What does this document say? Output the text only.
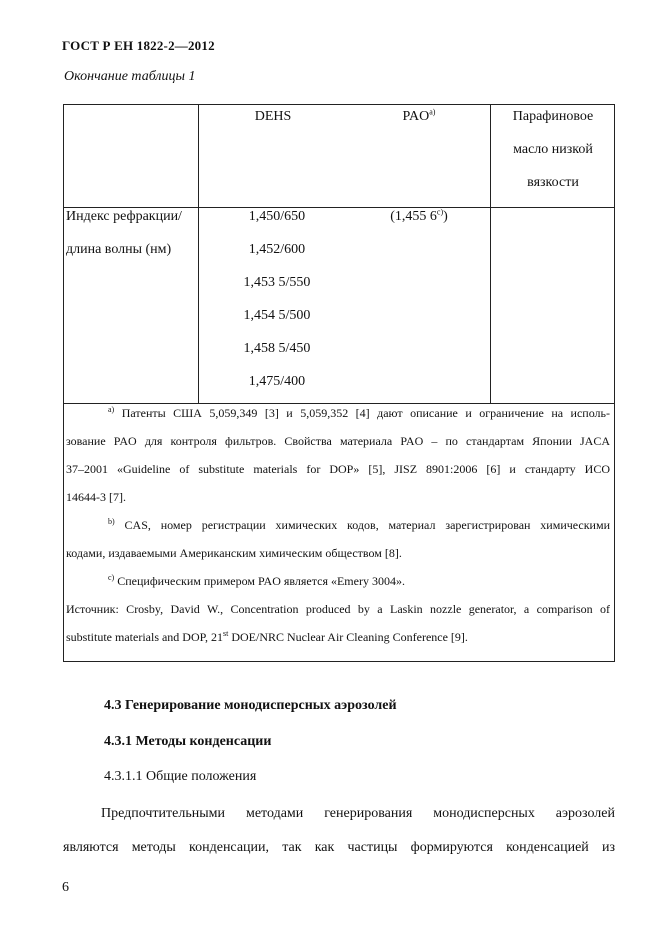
ГОСТ Р ЕН 1822-2—2012
Окончание таблицы 1
DEHS	PAO$^{a)}$	Парафиновое
масло низкой
вязкости
Индекс рефракции/
длина волны (нм)
1,450/650
1,452/600
1,453 5/550
1,454 5/500
1,458 5/450
1,475/400
(1,455 6$^{c)}$)

$^{a)}$ Патенты США 5,059,349 [3] и 5,059,352 [4] дают описание и ограничение на исполь-

зование PAO для контроля фильтров. Свойства материала PAO – по стандартам Японии JACA

37–2001 «Guideline of substitute materials for DOP» [5], JISZ 8901:2006 [6] и стандарту ИСО

14644-3 [7].

$^{b)}$ CAS, номер регистрации химических кодов, материал зарегистрирован химическими

кодами, издаваемыми Американским химическим обществом [8].

$^{c)}$ Специфическим примером PAO является «Emery 3004».

Источник: Crosby, David W., Concentration produced by a Laskin nozzle generator, a comparison of

substitute materials and DOP, 21st DOE/NRC Nuclear Air Cleaning Conference [9].

4.3 Генерирование монодисперсных аэрозолей
4.3.1 Методы конденсации
4.3.1.1 Общие положения
Предпочтительными методами генерирования монодисперсных аэрозолей
являются методы конденсации, так как частицы формируются конденсацией из
6
